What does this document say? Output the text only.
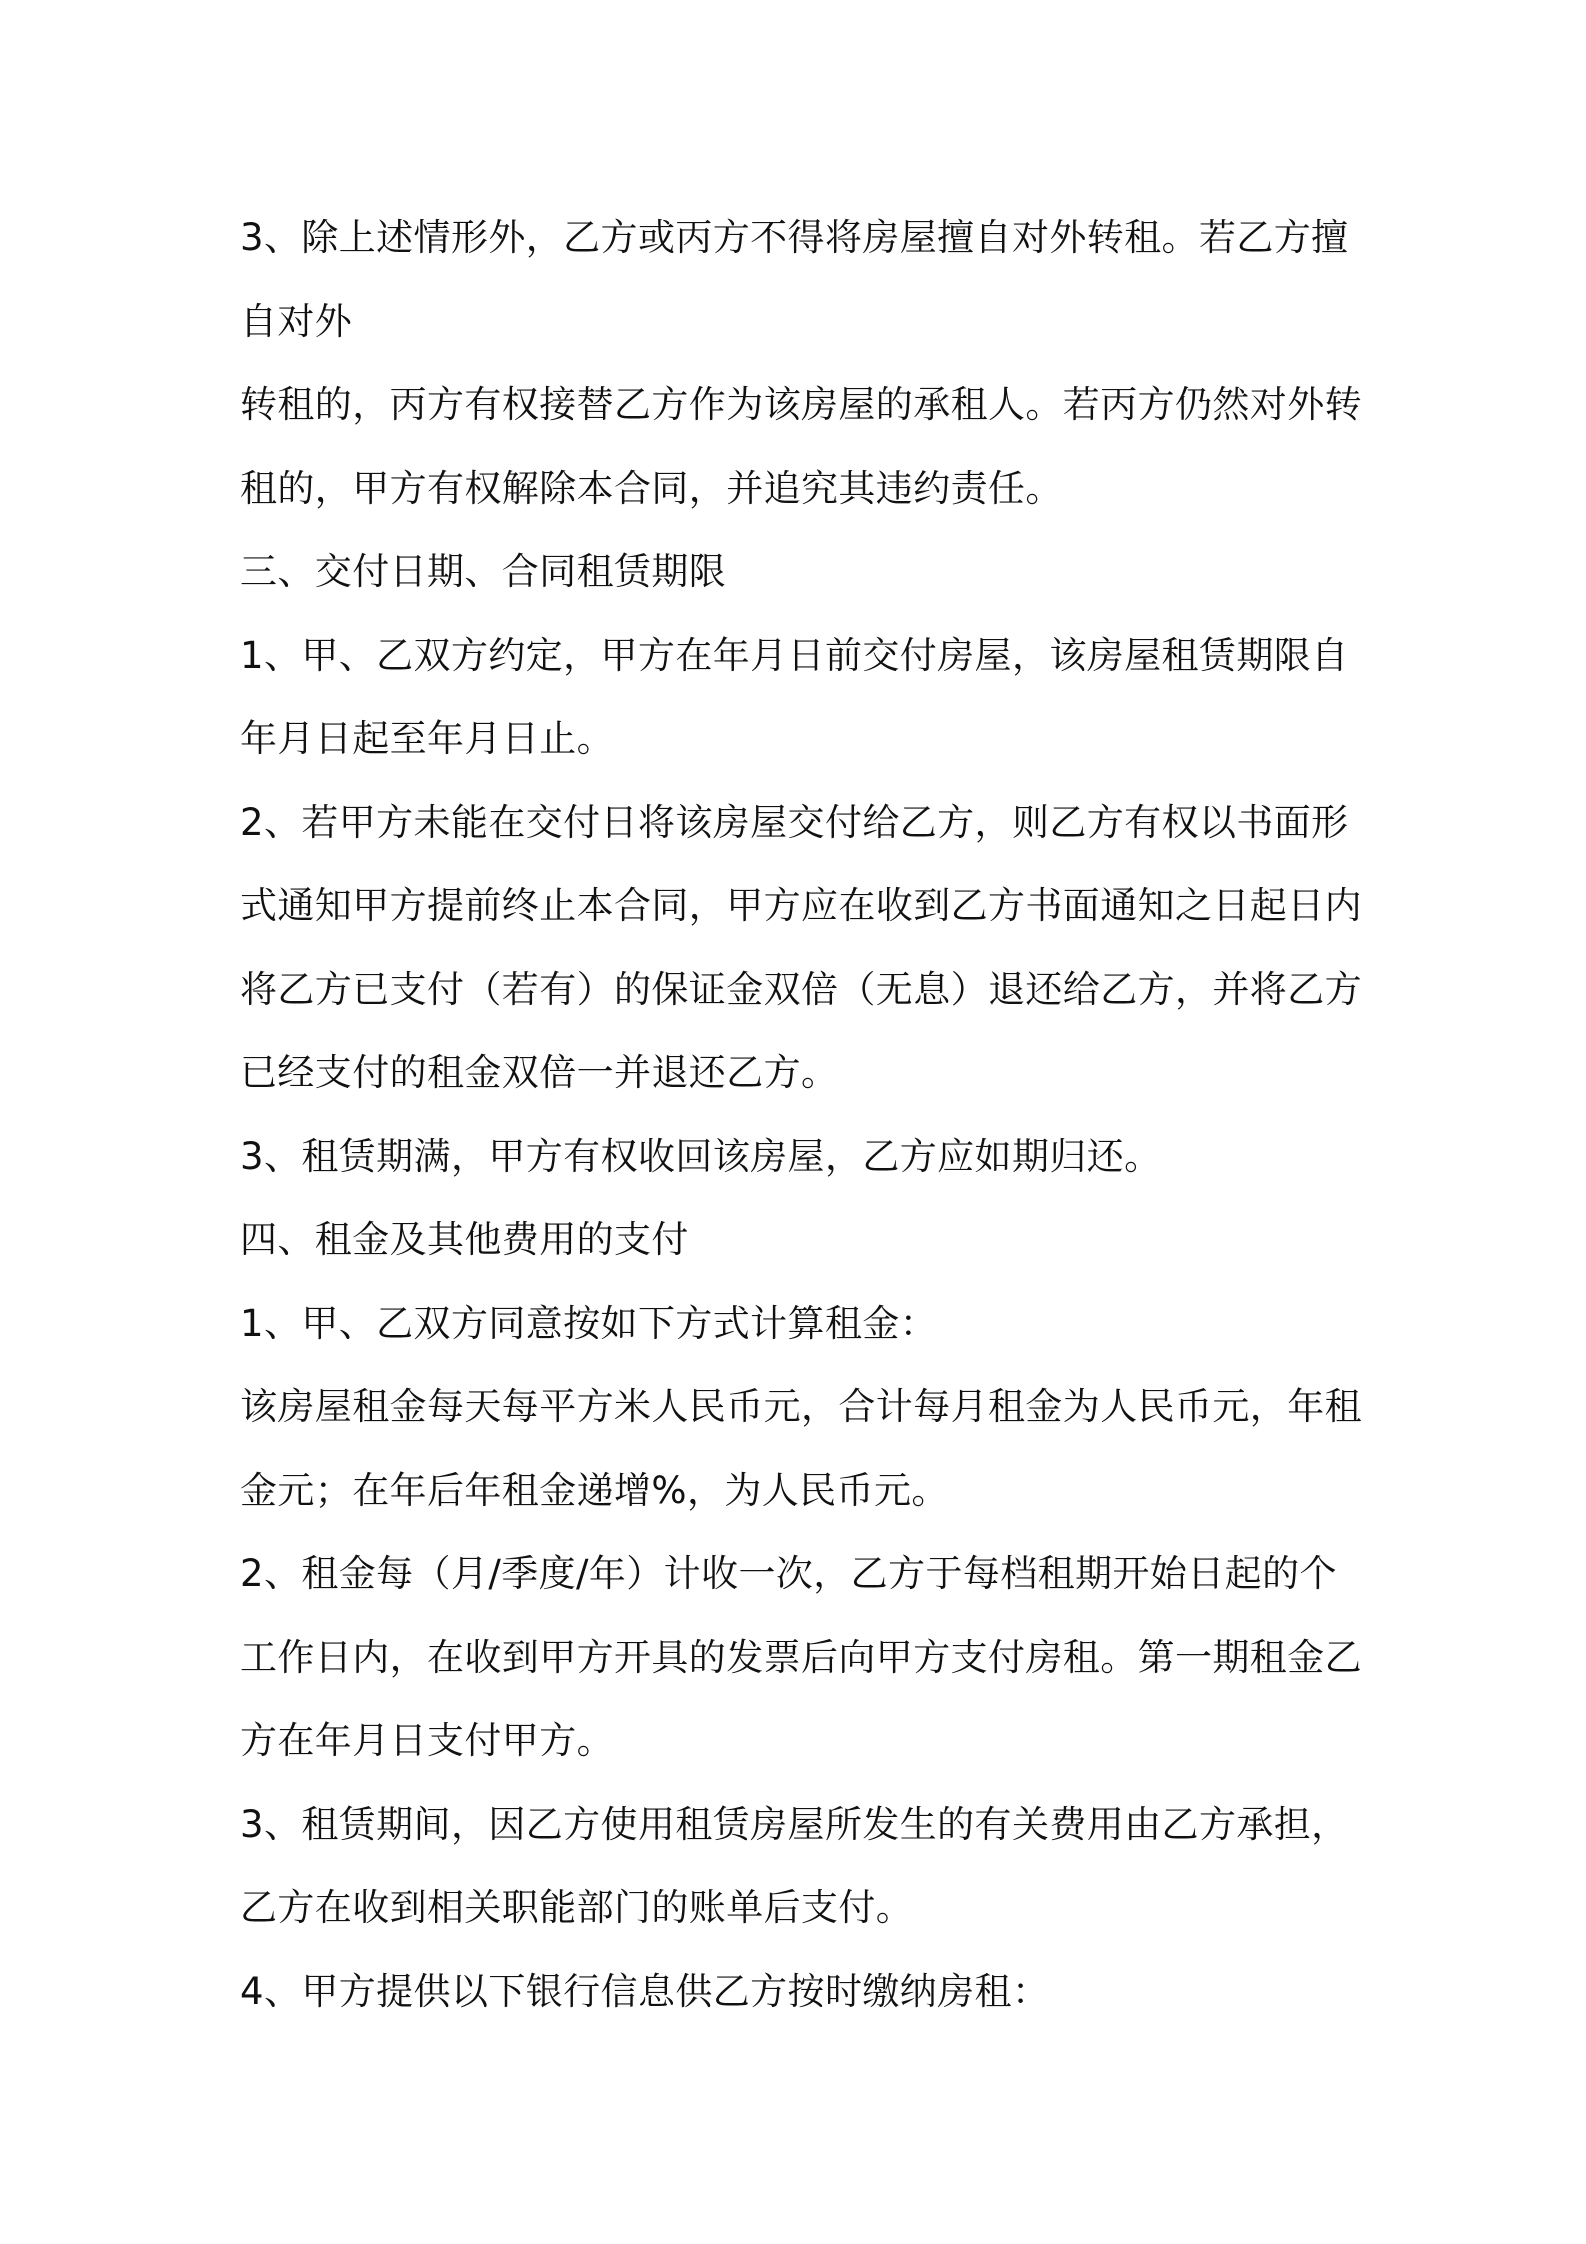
3、除上述情形外，乙方或丙方不得将房屋擅自对外转租。若乙方擅
自对外
转租的，丙方有权接替乙方作为该房屋的承租人。若丙方仍然对外转
租的，甲方有权解除本合同，并追究其违约责任。
三、交付日期、合同租赁期限
1、甲、乙双方约定，甲方在年月日前交付房屋，该房屋租赁期限自
年月日起至年月日止。
2、若甲方未能在交付日将该房屋交付给乙方，则乙方有权以书面形
式通知甲方提前终止本合同，甲方应在收到乙方书面通知之日起日内
将乙方已支付（若有）的保证金双倍（无息）退还给乙方，并将乙方
已经支付的租金双倍一并退还乙方。
3、租赁期满，甲方有权收回该房屋，乙方应如期归还。
四、租金及其他费用的支付
1、甲、乙双方同意按如下方式计算租金：
该房屋租金每天每平方米人民币元，合计每月租金为人民币元，年租
金元；在年后年租金递增%，为人民币元。
2、租金每（月/季度/年）计收一次，乙方于每档租期开始日起的个
工作日内，在收到甲方开具的发票后向甲方支付房租。第一期租金乙
方在年月日支付甲方。
3、租赁期间，因乙方使用租赁房屋所发生的有关费用由乙方承担，
乙方在收到相关职能部门的账单后支付。
4、甲方提供以下银行信息供乙方按时缴纳房租：
